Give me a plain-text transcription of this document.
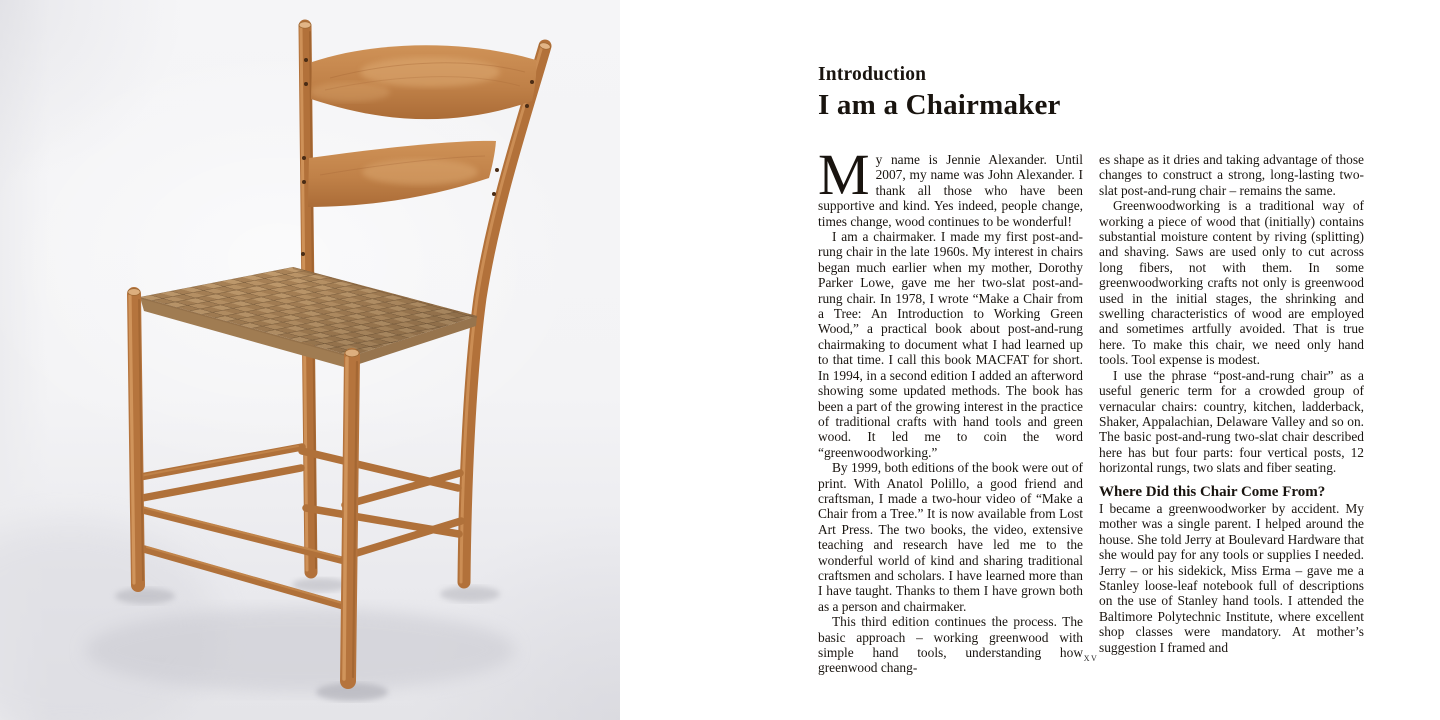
Introduction
I am a Chairmaker

My name is Jennie Alexander. Until 2007, my name was John Alexander. I thank all those who have been supportive and kind. Yes indeed, people change, times change, wood continues to be wonderful!

I am a chairmaker. I made my first post-and-rung chair in the late 1960s. My interest in chairs began much earlier when my mother, Dorothy Parker Lowe, gave me her two-slat post-and-rung chair. In 1978, I wrote “Make a Chair from a Tree: An Introduction to Working Green Wood,” a practical book about post-and-rung chairmaking to document what I had learned up to that time. I call this book MACFAT for short. In 1994, in a second edition I added an afterword showing some updated methods. The book has been a part of the growing interest in the practice of traditional crafts with hand tools and green wood. It led me to coin the word “greenwoodworking.”

By 1999, both editions of the book were out of print. With Anatol Polillo, a good friend and craftsman, I made a two-hour video of “Make a Chair from a Tree.” It is now available from Lost Art Press. The two books, the video, extensive teaching and research have led me to the wonderful world of kind and sharing traditional craftsmen and scholars. I have learned more than I have taught. Thanks to them I have grown both as a person and chairmaker.

This third edition continues the process. The basic approach – working greenwood with simple hand tools, understanding how greenwood chang-

es shape as it dries and taking advantage of those changes to construct a strong, long-lasting two-slat post-and-rung chair – remains the same.

Greenwoodworking is a traditional way of working a piece of wood that (initially) contains substantial moisture content by riving (splitting) and shaving. Saws are used only to cut across long fibers, not with them. In some greenwoodworking crafts not only is greenwood used in the initial stages, the shrinking and swelling characteristics of wood are employed and sometimes artfully avoided. That is true here. To make this chair, we need only hand tools. Tool expense is modest.

I use the phrase “post-and-rung chair” as a useful generic term for a crowded group of vernacular chairs: country, kitchen, ladderback, Shaker, Appalachian, Delaware Valley and so on. The basic post-and-rung two-slat chair described here has but four parts: four vertical posts, 12 horizontal rungs, two slats and fiber seating.

Where Did this Chair Come From?

I became a greenwoodworker by accident. My mother was a single parent. I helped around the house. She told Jerry at Boulevard Hardware that she would pay for any tools or supplies I needed. Jerry – or his sidekick, Miss Erma – gave me a Stanley loose-leaf notebook full of descriptions on the use of Stanley hand tools. I attended the Baltimore Polytechnic Institute, where excellent shop classes were mandatory. At mother’s suggestion I framed and

xv
